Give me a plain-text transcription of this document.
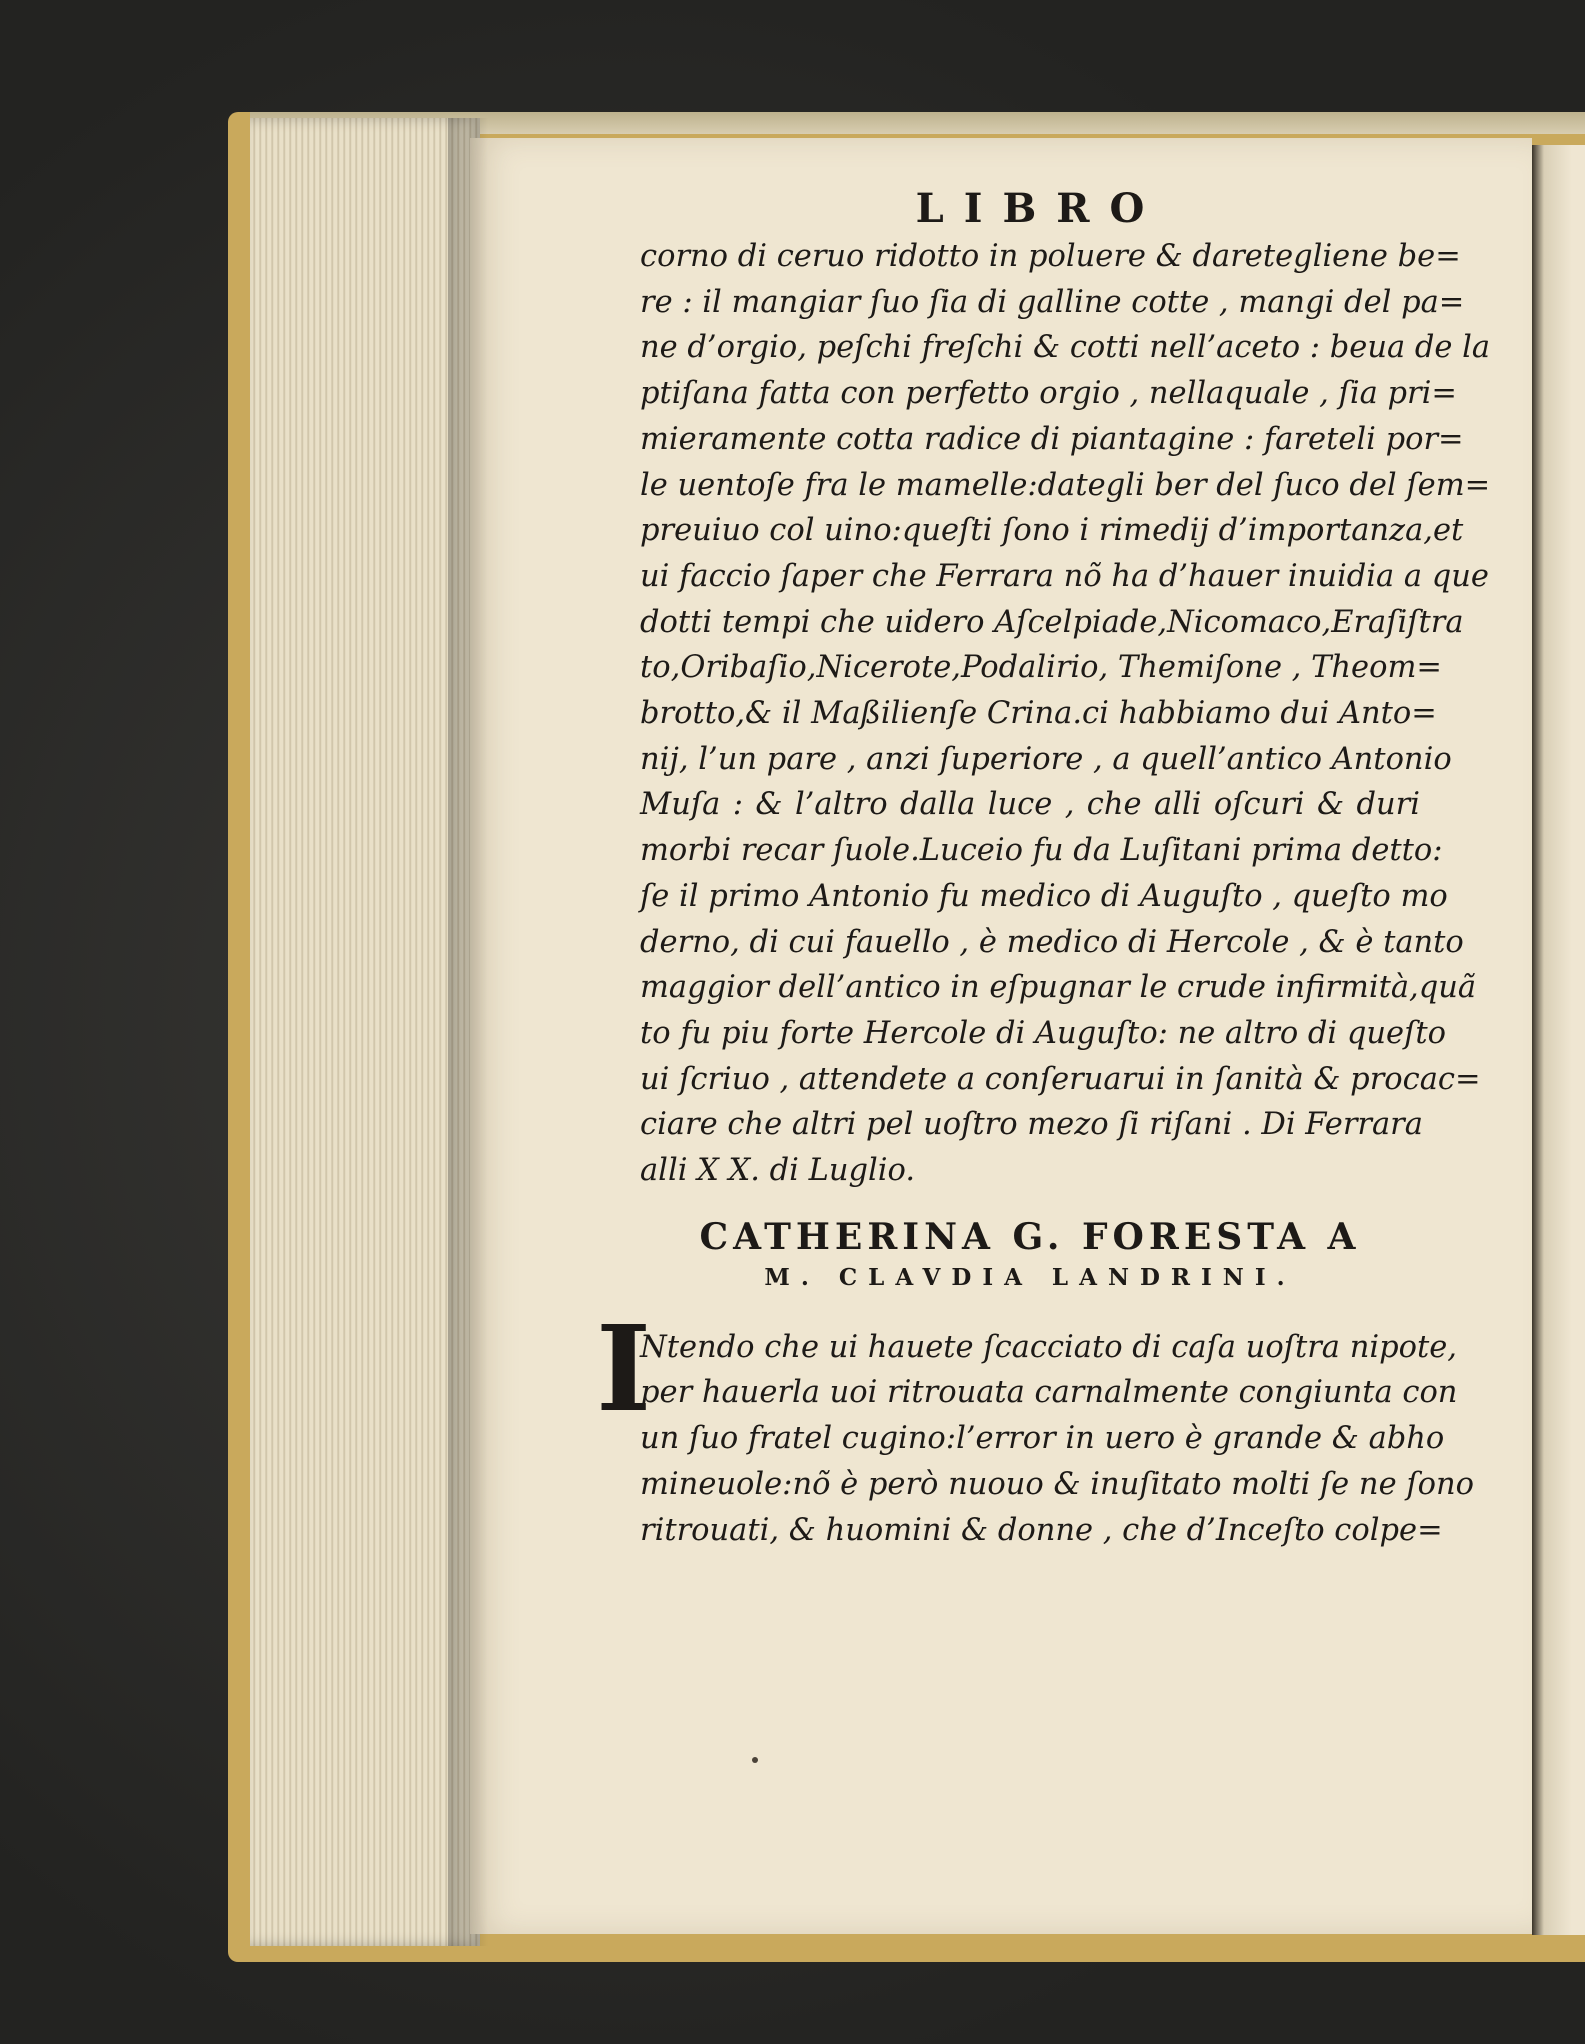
LIBRO
corno di ceruo ridotto in poluere & daretegliene be=
re : il mangiar ſuo ſia di galline cotte , mangi del pa=
ne d’orgio, peſchi freſchi & cotti nell’aceto : beua de la
ptiſana fatta con perfetto orgio , nellaquale , ſia pri=
mieramente cotta radice di piantagine : fareteli por=
le uentoſe fra le mamelle:dategli ber del ſuco del ſem=
preuiuo col uino:queſti ſono i rimedij d’importanza,et
ui faccio ſaper che Ferrara nõ ha d’hauer inuidia a que
dotti tempi che uidero Aſcelpiade,Nicomaco,Eraſiſtra
to,Oribaſio,Nicerote,Podalirio, Themiſone , Theom=
brotto,& il Maßilienſe Crina.ci habbiamo dui Anto=
nij, l’un pare , anzi ſuperiore , a quell’antico Antonio
Muſa : & l’altro dalla luce , che alli oſcuri & duri
morbi recar ſuole.Luceio fu da Luſitani prima detto:
ſe il primo Antonio fu medico di Auguſto , queſto mo
derno, di cui fauello , è medico di Hercole , & è tanto
maggior dell’antico in eſpugnar le crude infirmità,quã
to fu piu forte Hercole di Auguſto: ne altro di queſto
ui ſcriuo , attendete a conſeruarui in ſanità & procac=
ciare che altri pel uoſtro mezo ſi riſani . Di Ferrara
alli X X. di Luglio.
CATHERINA G. FORESTA A
M. CLAVDIA LANDRINI.
I
Ntendo che ui hauete ſcacciato di caſa uoſtra nipote,
per hauerla uoi ritrouata carnalmente congiunta con
un ſuo fratel cugino:l’error in uero è grande & abho
mineuole:nõ è però nuouo & inuſitato molti ſe ne ſono
ritrouati, & huomini & donne , che d’Inceſto colpe=
